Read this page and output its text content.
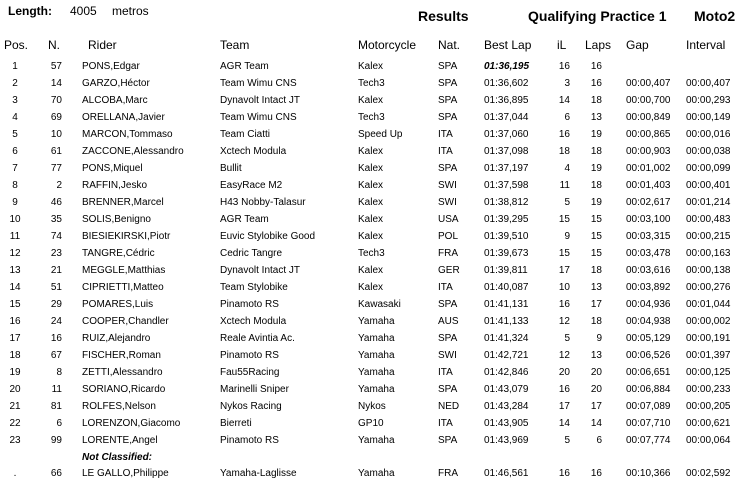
Length: 4005 metros	Results	Qualifying Practice 1 Moto2
Pos. N. Rider	Team	Motorcycle Nat. Best Lap iL Laps Gap	Interval
1	57 PONS,Edgar	AGR Team	Kalex	SPA	01:36,195	16	16
2	14 GARZO,Héctor	Team Wimu CNS	Tech3	SPA	01:36,602	3	16 00:00,407 00:00,407
3	70 ALCOBA,Marc	Dynavolt Intact JT	Kalex	SPA	01:36,895	14	18 00:00,700 00:00,293
4	69 ORELLANA,Javier	Team Wimu CNS	Tech3	SPA	01:37,044	6	13 00:00,849 00:00,149
5	10 MARCON,Tommaso	Team Ciatti	Speed Up	ITA	01:37,060	16	19 00:00,865 00:00,016
6	61 ZACCONE,Alessandro	Xctech Modula	Kalex	ITA	01:37,098	18	18 00:00,903 00:00,038
7	77 PONS,Miquel	Bullit	Kalex	SPA	01:37,197	4	19 00:01,002 00:00,099
8	2 RAFFIN,Jesko	EasyRace M2	Kalex	SWI	01:37,598	11	18 00:01,403 00:00,401
9	46 BRENNER,Marcel	H43 Nobby-Talasur	Kalex	SWI	01:38,812	5	19 00:02,617 00:01,214
10	35 SOLIS,Benigno	AGR Team	Kalex	USA	01:39,295	15	15 00:03,100 00:00,483
11	74 BIESIEKIRSKI,Piotr	Euvic Stylobike Good	Kalex	POL	01:39,510	9	15 00:03,315 00:00,215
12	23 TANGRE,Cédric	Cedric Tangre	Tech3	FRA	01:39,673	15	15 00:03,478 00:00,163
13	21 MEGGLE,Matthias	Dynavolt Intact JT	Kalex	GER 01:39,811	17	18 00:03,616 00:00,138
14	51 CIPRIETTI,Matteo	Team Stylobike	Kalex	ITA	01:40,087	10	13 00:03,892 00:00,276
15	29 POMARES,Luis	Pinamoto RS	Kawasaki	SPA	01:41,131	16	17 00:04,936 00:01,044
16	24 COOPER,Chandler	Xctech Modula	Yamaha	AUS	01:41,133	12	18 00:04,938 00:00,002
17	16 RUIZ,Alejandro	Reale Avintia Ac.	Yamaha	SPA	01:41,324	5	9 00:05,129 00:00,191
18	67 FISCHER,Roman	Pinamoto RS	Yamaha	SWI	01:42,721	12	13 00:06,526 00:01,397
19	8 ZETTI,Alessandro	Fau55Racing	Yamaha	ITA	01:42,846	20	20 00:06,651 00:00,125
20	11 SORIANO,Ricardo	Marinelli Sniper	Yamaha	SPA	01:43,079	16	20 00:06,884 00:00,233
21	81 ROLFES,Nelson	Nykos Racing	Nykos	NED 01:43,284	17	17 00:07,089 00:00,205
22	6 LORENZON,Giacomo	Bierreti	GP10	ITA	01:43,905	14	14 00:07,710 00:00,621
23	99 LORENTE,Angel	Pinamoto RS	Yamaha	SPA	01:43,969	5	6 00:07,774 00:00,064
Not Classified:
.	66 LE GALLO,Philippe	Yamaha-Laglisse	Yamaha	FRA	01:46,561	16	16 00:10,366 00:02,592
